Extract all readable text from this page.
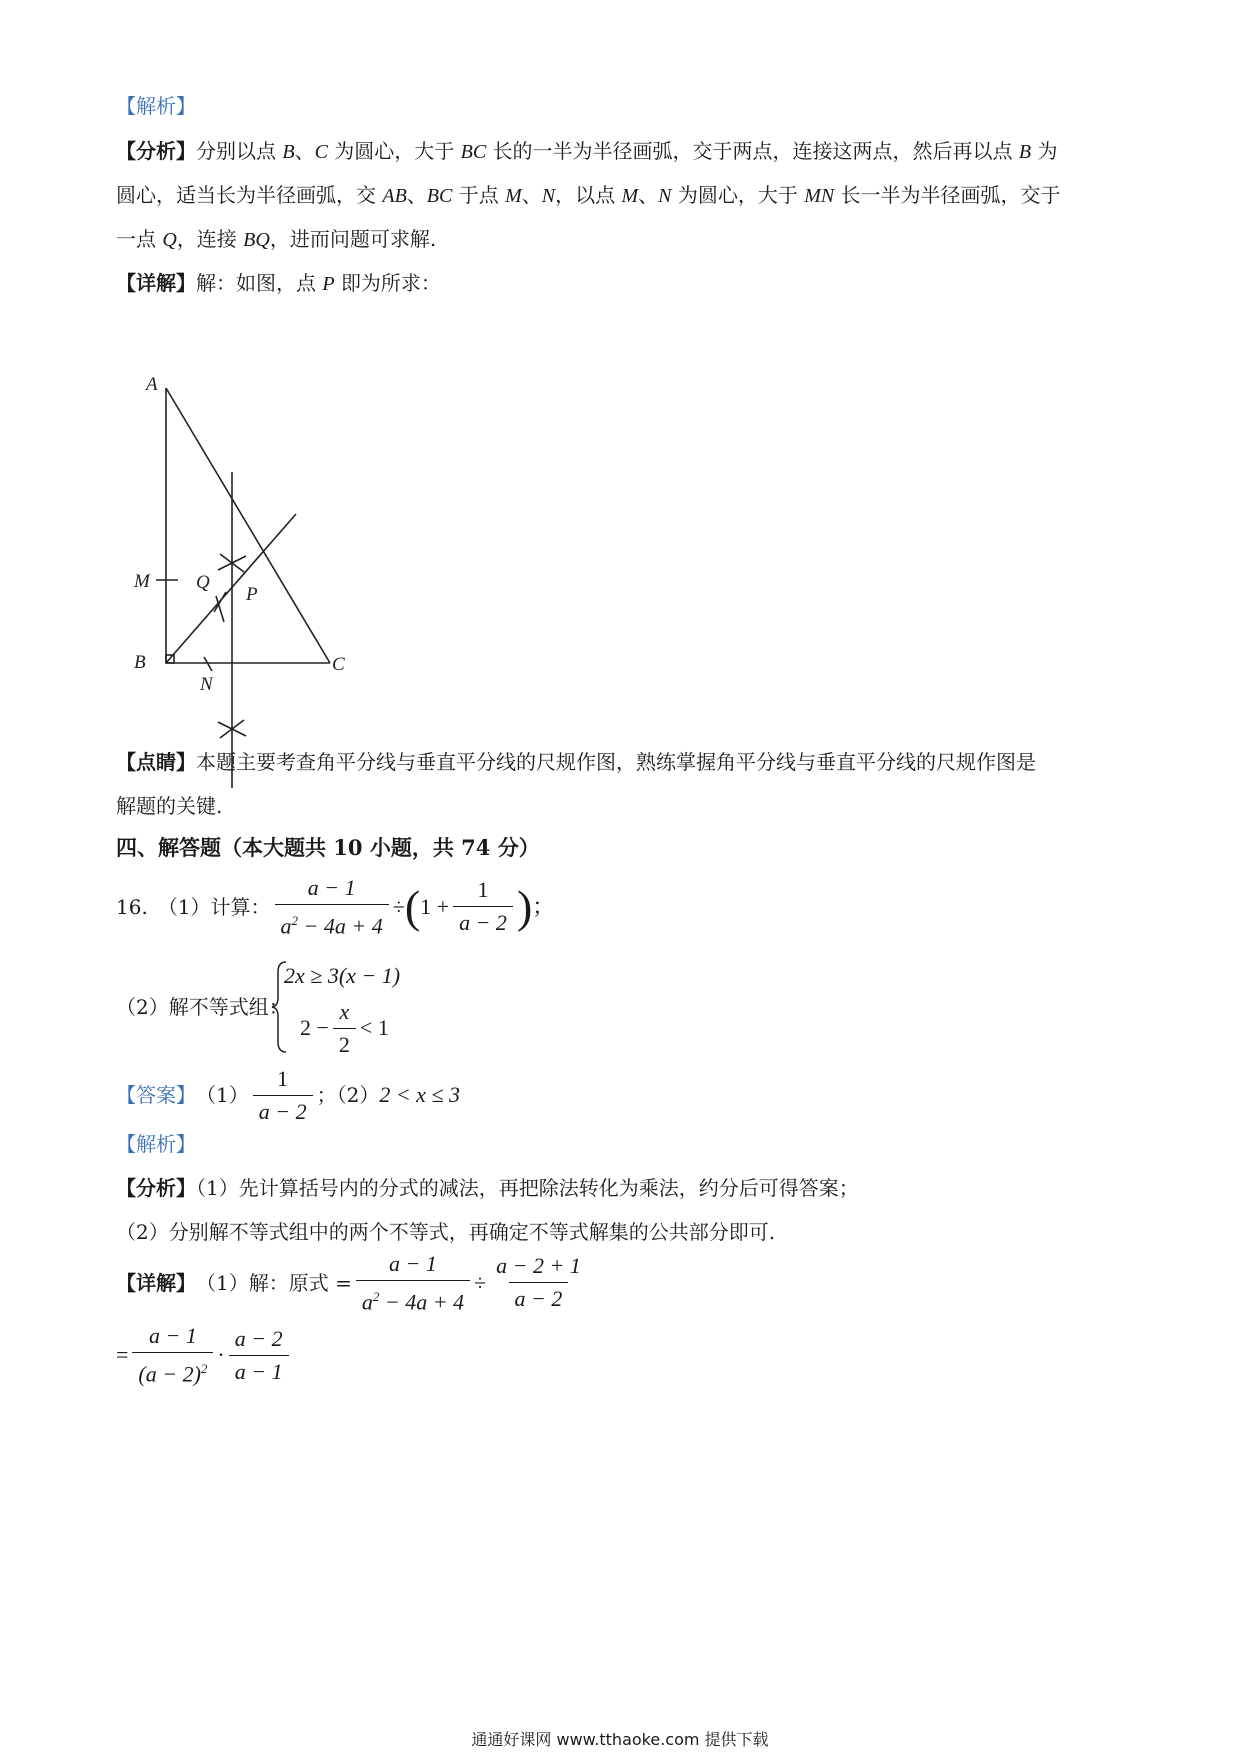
【解析】
【分析】分别以点 B、C 为圆心，大于 BC 长的一半为半径画弧，交于两点，连接这两点，然后再以点 B 为
圆心，适当长为半径画弧，交 AB、BC 于点 M、N，以点 M、N 为圆心，大于 MN 长一半为半径画弧，交于
一点 Q，连接 BQ，进而问题可求解.
【详解】解：如图，点 P 即为所求：
A
B	C
M
N
Q
P
【点睛】本题主要考查角平分线与垂直平分线的尺规作图，熟练掌握角平分线与垂直平分线的尺规作图是
解题的关键.
四、解答题（本大题共 10 小题，共 74 分）
16. （1）计算： $\frac{a - 1}{a^2 - 4a + 4}$ ÷ ( $1 + \frac{1}{a - 2}$ ) ；
（2）解不等式组：
2x ≥ 3(x − 1)
$2 - \frac{x}{2} < 1$
【答案】 $(1) \frac{1}{a - 2}$ ；（2） 2 < x ≤ 3
【解析】
【分析】（1）先计算括号内的分式的减法，再把除法转化为乘法，约分后可得答案；
（2）分别解不等式组中的两个不等式，再确定不等式解集的公共部分即可.
【详解】 （1）解：原式 = $\frac{a - 1}{a^2 - 4a + 4} \div \frac{a - 2 + 1}{a - 2}$
= $\frac{a - 1}{(a - 2)^2} \cdot \frac{a - 2}{a - 1}$
通通好课网 www.tthaoke.com 提供下载
